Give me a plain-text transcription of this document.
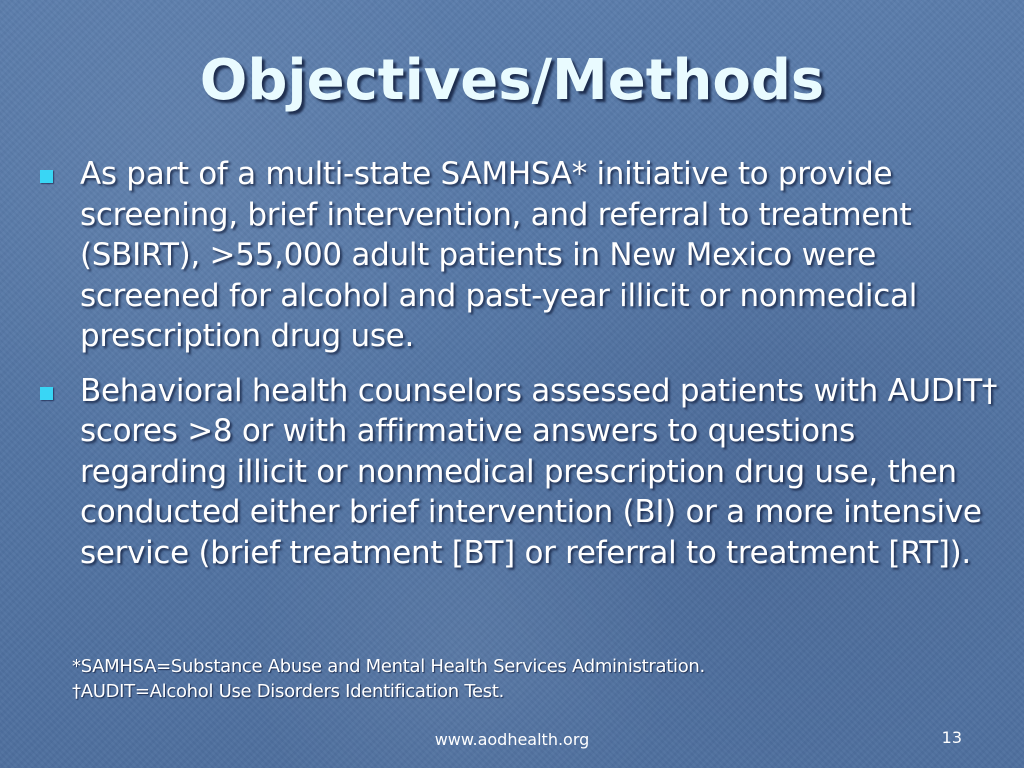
Objectives/Methods
As part of a multi-state SAMHSA* initiative to provide screening, brief intervention, and referral to treatment (SBIRT), >55,000 adult patients in New Mexico were screened for alcohol and past-year illicit or nonmedical prescription drug use.
Behavioral health counselors assessed patients with AUDIT† scores >8 or with affirmative answers to questions regarding illicit or nonmedical prescription drug use, then conducted either brief intervention (BI) or a more intensive service (brief treatment [BT] or referral to treatment [RT]).
*SAMHSA=Substance Abuse and Mental Health Services Administration.
†AUDIT=Alcohol Use Disorders Identification Test.
www.aodhealth.org	13
